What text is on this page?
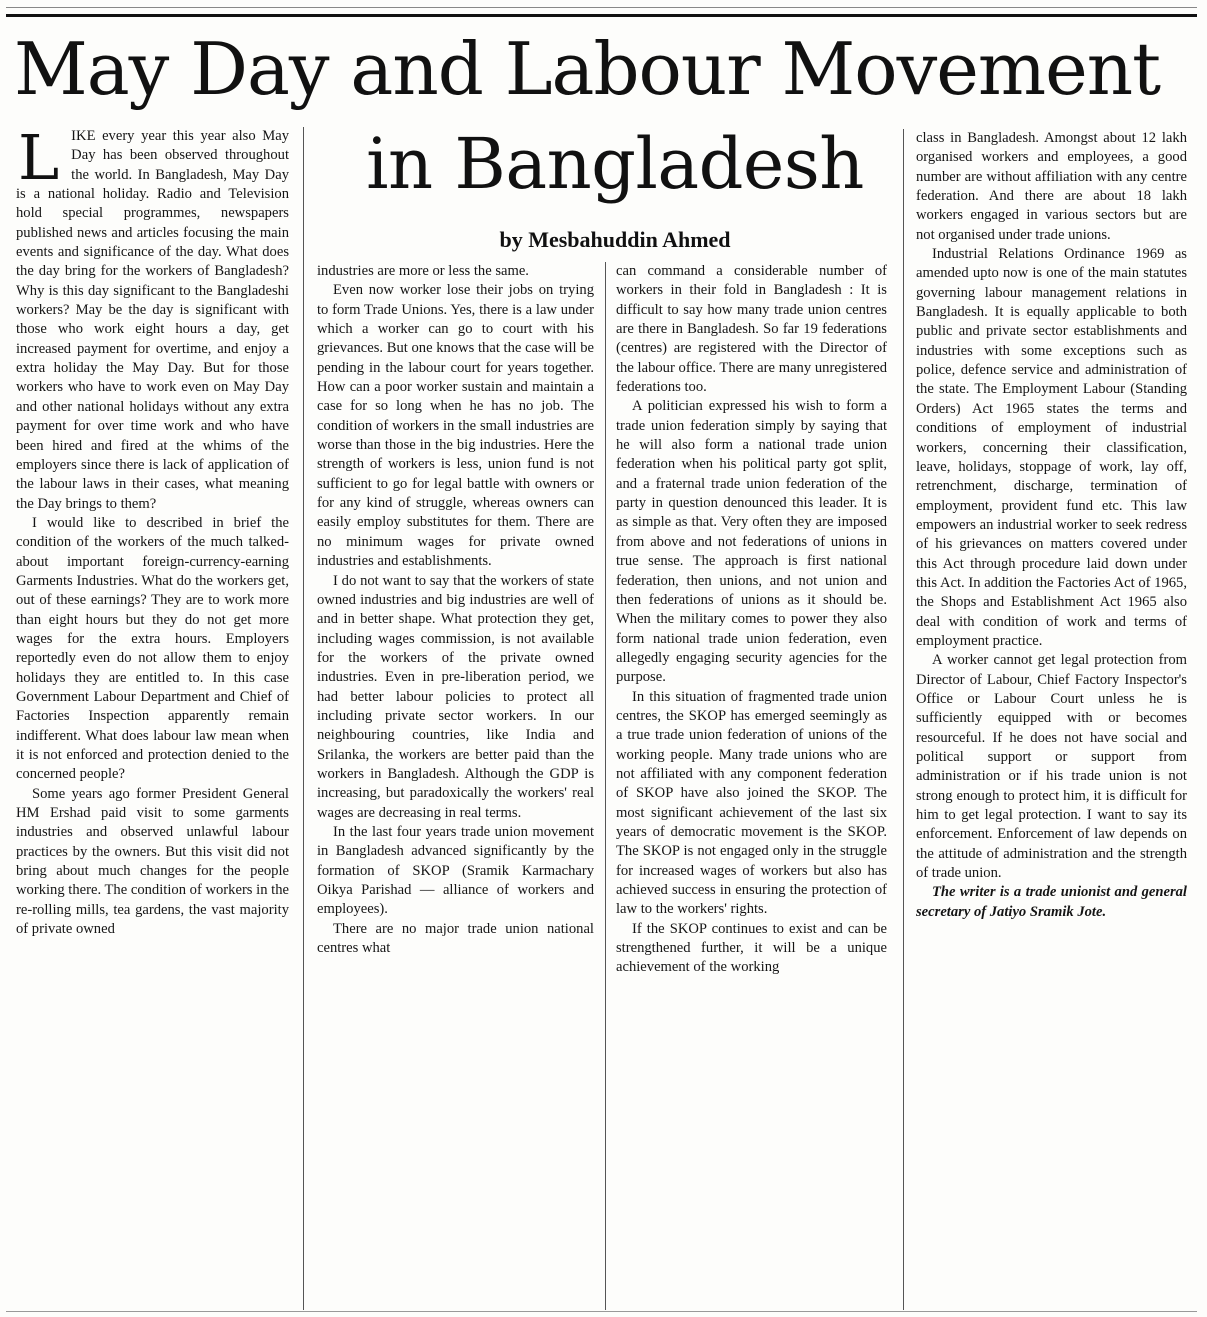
May Day and Labour Movement
in Bangladesh
by Mesbahuddin Ahmed
L IKE every year this year also May Day has been observed throughout the world. In Bangladesh, May Day is a national holiday. Radio and Television hold special programmes, newspapers published news and articles focusing the main events and significance of the day. What does the day bring for the workers of Bangladesh? Why is this day significant to the Bangladeshi workers? May be the day is significant with those who work eight hours a day, get increased payment for overtime, and enjoy a extra holiday the May Day. But for those workers who have to work even on May Day and other national holidays without any extra payment for over time work and who have been hired and fired at the whims of the employers since there is lack of application of the labour laws in their cases, what meaning the Day brings to them?

I would like to described in brief the condition of the workers of the much talked-about important foreign-currency-earning Garments Industries. What do the workers get, out of these earnings? They are to work more than eight hours but they do not get more wages for the extra hours. Employers reportedly even do not allow them to enjoy holidays they are entitled to. In this case Government Labour Department and Chief of Factories Inspection apparently remain indifferent. What does labour law mean when it is not enforced and protection denied to the concerned people?

Some years ago former President General HM Ershad paid visit to some garments industries and observed unlawful labour practices by the owners. But this visit did not bring about much changes for the people working there. The condition of workers in the re-rolling mills, tea gardens, the vast majority of private owned

industries are more or less the same.

Even now worker lose their jobs on trying to form Trade Unions. Yes, there is a law under which a worker can go to court with his grievances. But one knows that the case will be pending in the labour court for years together. How can a poor worker sustain and maintain a case for so long when he has no job. The condition of workers in the small industries are worse than those in the big industries. Here the strength of workers is less, union fund is not sufficient to go for legal battle with owners or for any kind of struggle, whereas owners can easily employ substitutes for them. There are no minimum wages for private owned industries and establishments.

I do not want to say that the workers of state owned industries and big industries are well of and in better shape. What protection they get, including wages commission, is not available for the workers of the private owned industries. Even in pre-liberation period, we had better labour policies to protect all including private sector workers. In our neighbouring countries, like India and Srilanka, the workers are better paid than the workers in Bangladesh. Although the GDP is increasing, but paradoxically the workers' real wages are decreasing in real terms.

In the last four years trade union movement in Bangladesh advanced significantly by the formation of SKOP (Sramik Karmachary Oikya Parishad — alliance of workers and employees).

There are no major trade union national centres what

can command a considerable number of workers in their fold in Bangladesh : It is difficult to say how many trade union centres are there in Bangladesh. So far 19 federations (centres) are registered with the Director of the labour office. There are many unregistered federations too.

A politician expressed his wish to form a trade union federation simply by saying that he will also form a national trade union federation when his political party got split, and a fraternal trade union federation of the party in question denounced this leader. It is as simple as that. Very often they are imposed from above and not federations of unions in true sense. The approach is first national federation, then unions, and not union and then federations of unions as it should be. When the military comes to power they also form national trade union federation, even allegedly engaging security agencies for the purpose.

In this situation of fragmented trade union centres, the SKOP has emerged seemingly as a true trade union federation of unions of the working people. Many trade unions who are not affiliated with any component federation of SKOP have also joined the SKOP. The most significant achievement of the last six years of democratic movement is the SKOP. The SKOP is not engaged only in the struggle for increased wages of workers but also has achieved success in ensuring the protection of law to the workers' rights.

If the SKOP continues to exist and can be strengthened further, it will be a unique achievement of the working

class in Bangladesh. Amongst about 12 lakh organised workers and employees, a good number are without affiliation with any centre federation. And there are about 18 lakh workers engaged in various sectors but are not organised under trade unions.

Industrial Relations Ordinance 1969 as amended upto now is one of the main statutes governing labour management relations in Bangladesh. It is equally applicable to both public and private sector establishments and industries with some exceptions such as police, defence service and administration of the state. The Employment Labour (Standing Orders) Act 1965 states the terms and conditions of employment of industrial workers, concerning their classification, leave, holidays, stoppage of work, lay off, retrenchment, discharge, termination of employment, provident fund etc. This law empowers an industrial worker to seek redress of his grievances on matters covered under this Act through procedure laid down under this Act. In addition the Factories Act of 1965, the Shops and Establishment Act 1965 also deal with condition of work and terms of employment practice.

A worker cannot get legal protection from Director of Labour, Chief Factory Inspector's Office or Labour Court unless he is sufficiently equipped with or becomes resourceful. If he does not have social and political support or support from administration or if his trade union is not strong enough to protect him, it is difficult for him to get legal protection. I want to say its enforcement. Enforcement of law depends on the attitude of administration and the strength of trade union.

The writer is a trade unionist and general secretary of Jatiyo Sramik Jote.
